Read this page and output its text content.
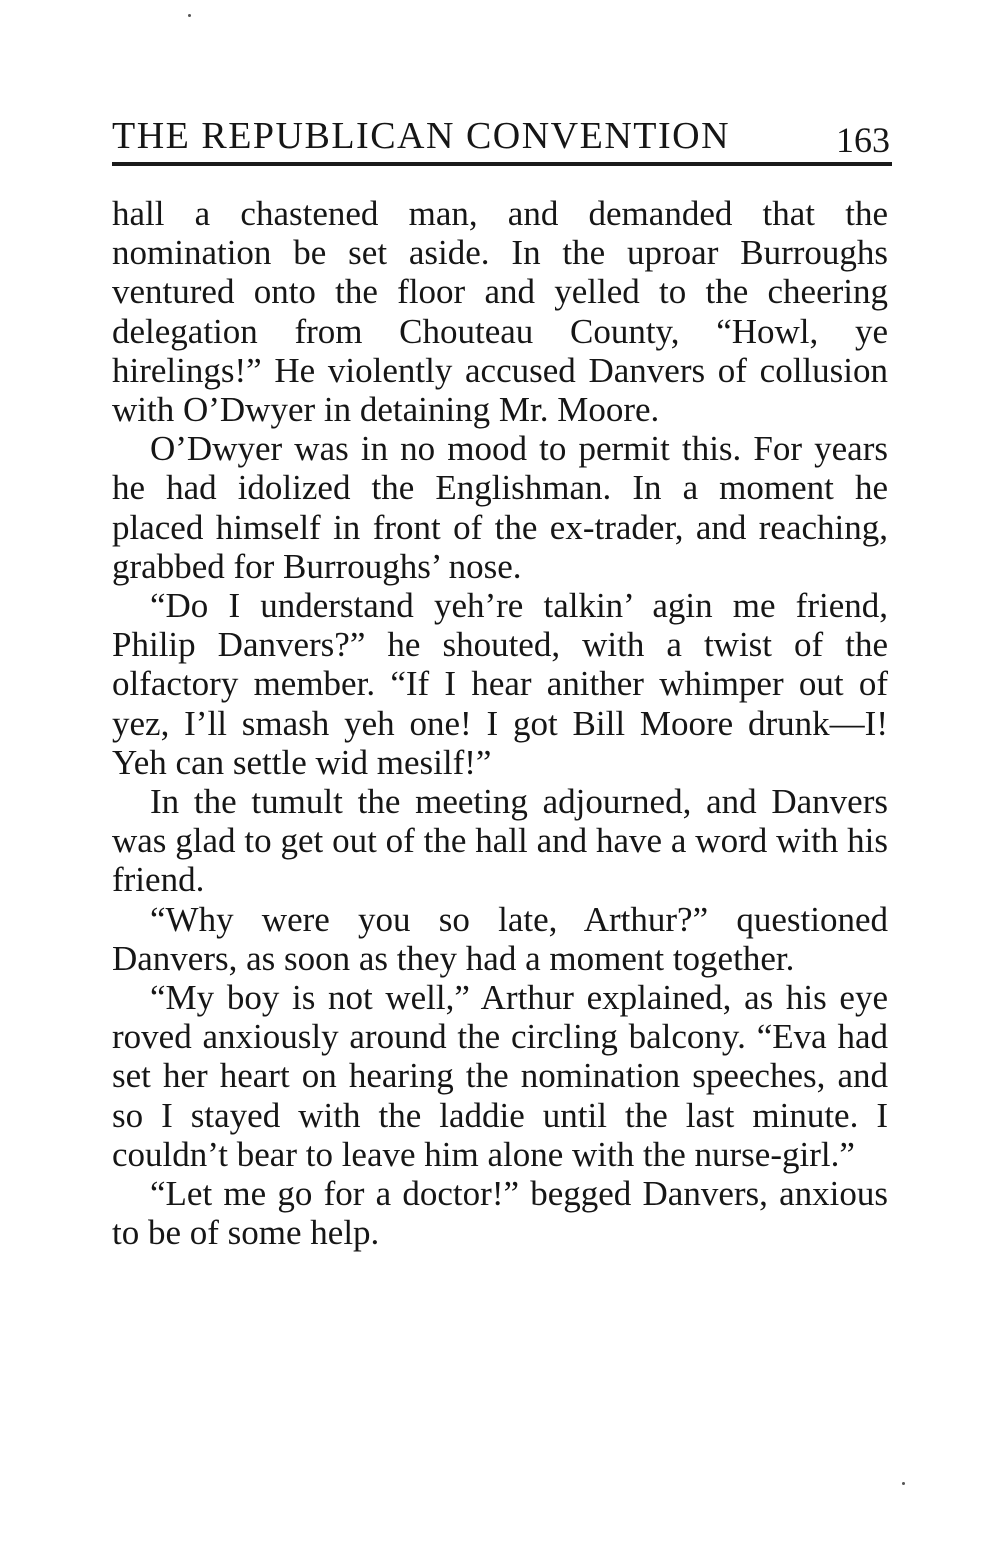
THE REPUBLICAN CONVENTION	163

hall a chastened man, and demanded that the nomination be set aside. In the uproar Burroughs ventured onto the floor and yelled to the cheering delegation from Chouteau County, “Howl, ye hirelings!” He violently accused Danvers of collusion with O’Dwyer in detaining Mr. Moore.

O’Dwyer was in no mood to permit this. For years he had idolized the Englishman. In a moment he placed himself in front of the ex-trader, and reaching, grabbed for Burroughs’ nose.

“Do I understand yeh’re talkin’ agin me friend, Philip Danvers?” he shouted, with a twist of the olfactory member. “If I hear anither whimper out of yez, I’ll smash yeh one! I got Bill Moore drunk—I! Yeh can settle wid mesilf!”

In the tumult the meeting adjourned, and Danvers was glad to get out of the hall and have a word with his friend.

“Why were you so late, Arthur?” questioned Danvers, as soon as they had a moment together.

“My boy is not well,” Arthur explained, as his eye roved anxiously around the circling balcony. “Eva had set her heart on hearing the nomination speeches, and so I stayed with the laddie until the last minute. I couldn’t bear to leave him alone with the nurse-girl.”

“Let me go for a doctor!” begged Danvers, anxious to be of some help.
